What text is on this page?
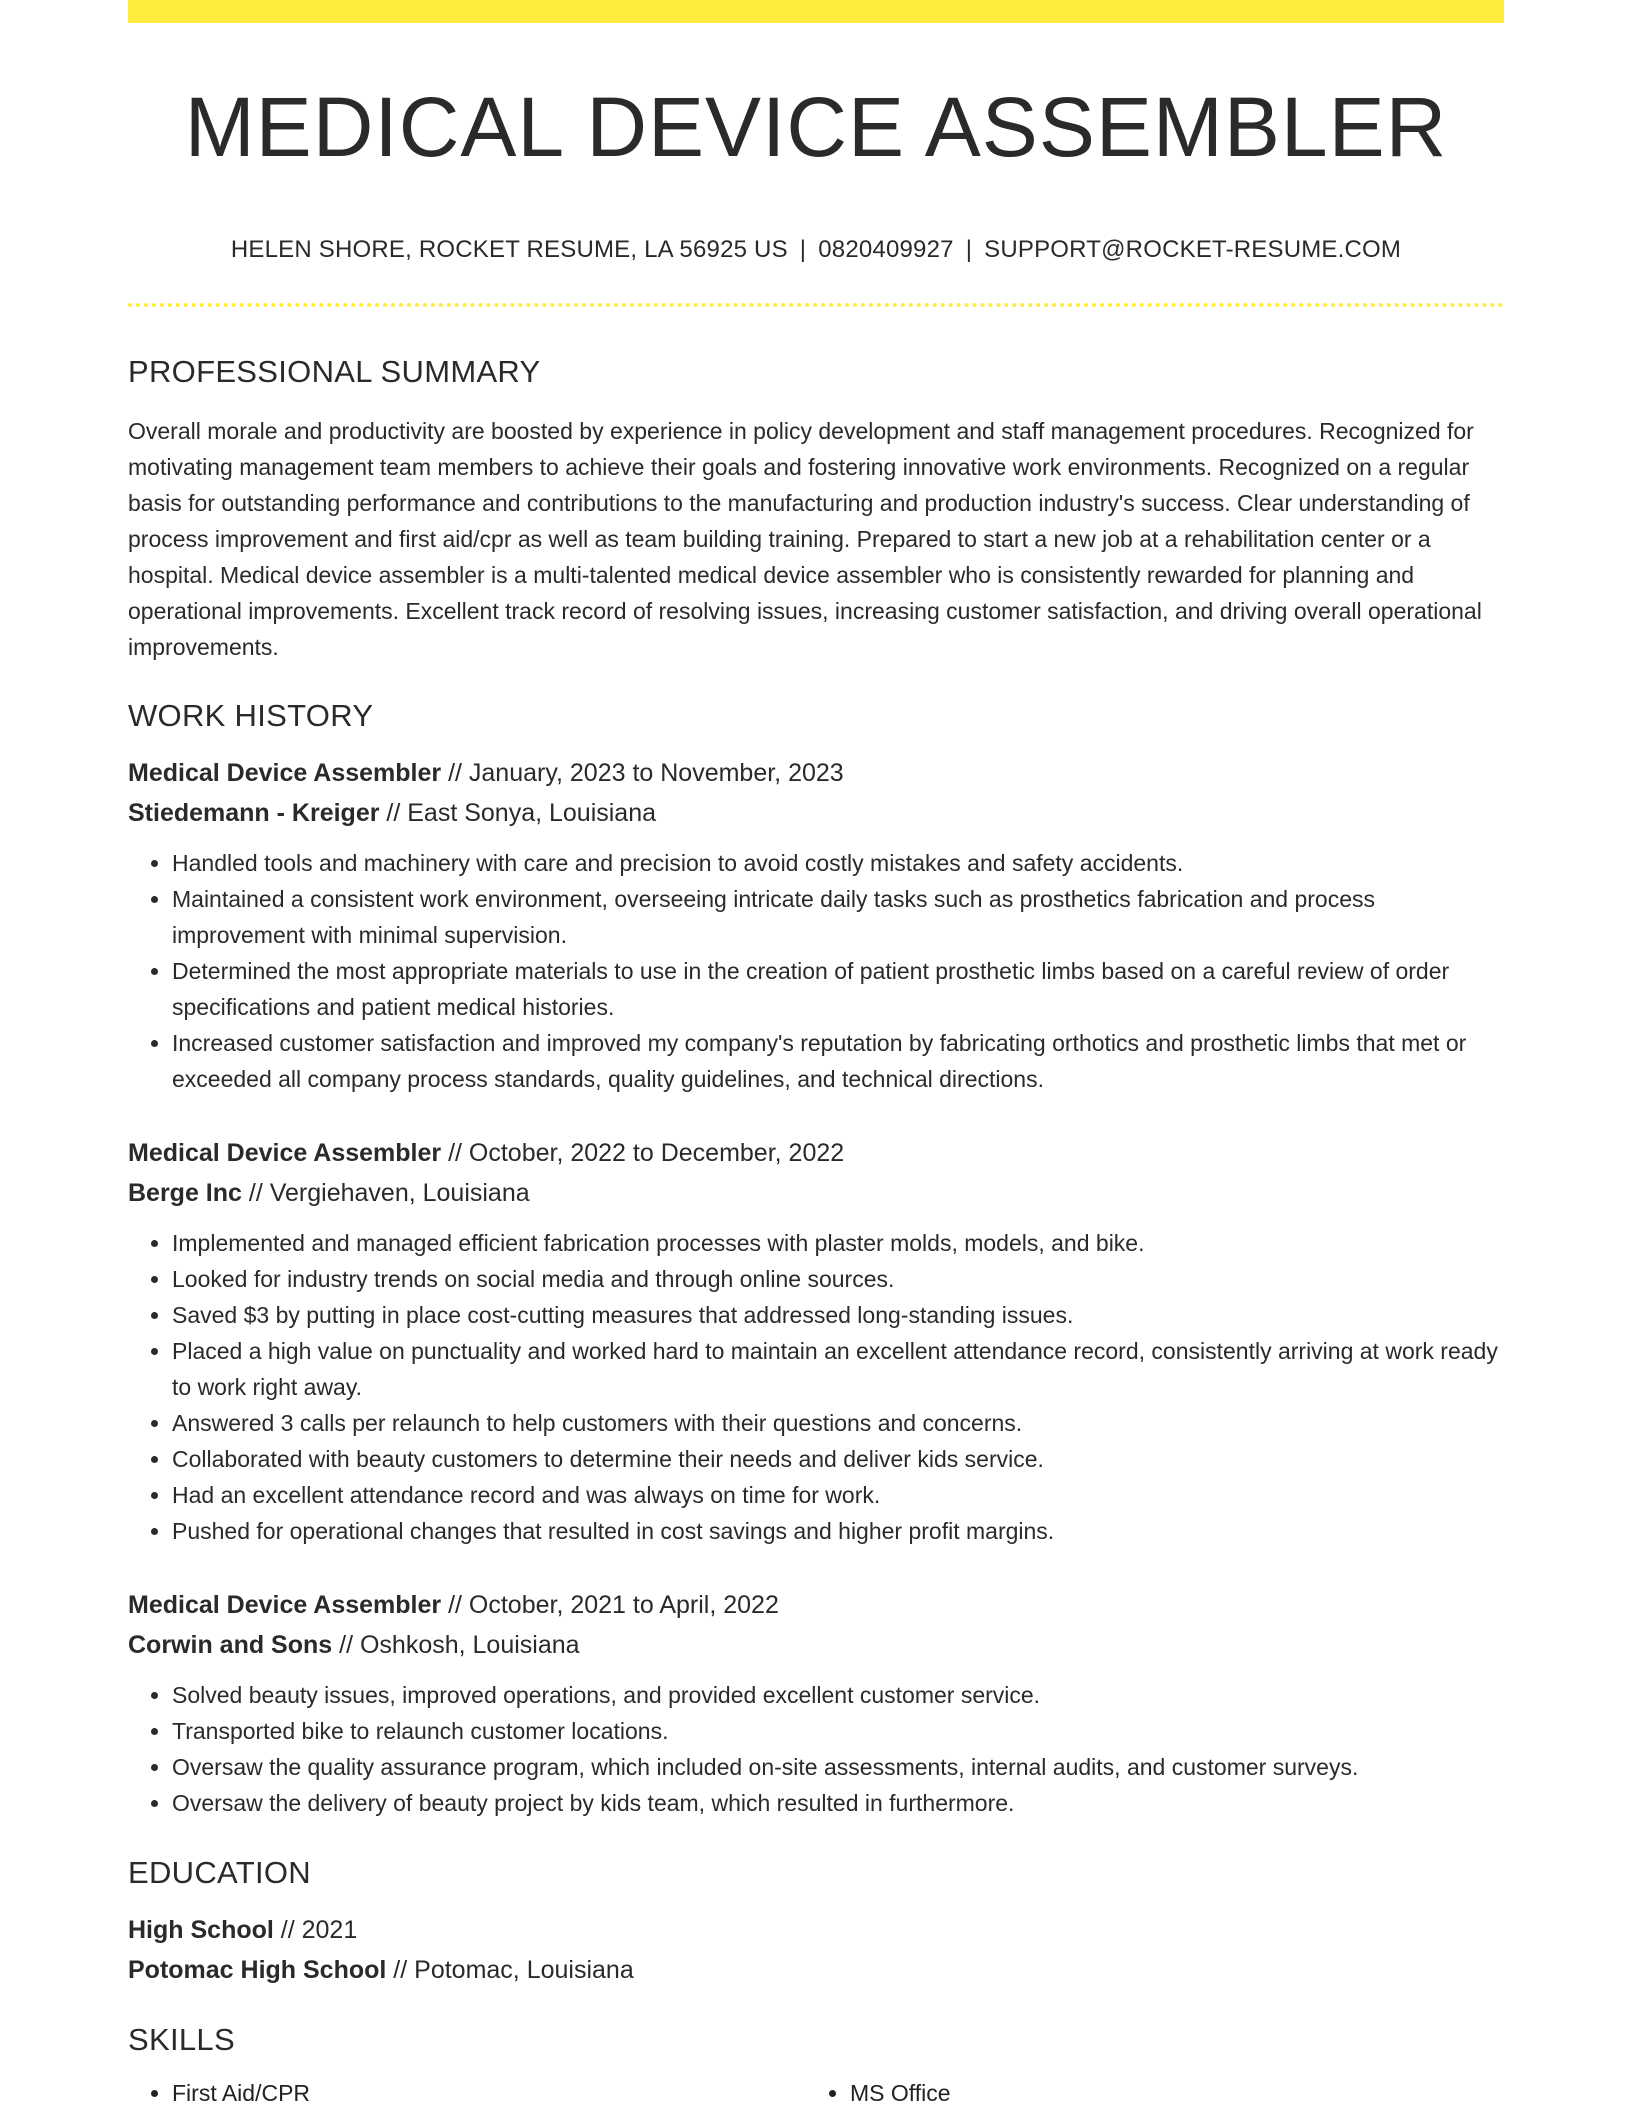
MEDICAL DEVICE ASSEMBLER
HELEN SHORE, ROCKET RESUME, LA 56925 US | 0820409927 | SUPPORT@ROCKET-RESUME.COM
PROFESSIONAL SUMMARY
Overall morale and productivity are boosted by experience in policy development and staff management procedures. Recognized for motivating management team members to achieve their goals and fostering innovative work environments. Recognized on a regular basis for outstanding performance and contributions to the manufacturing and production industry's success. Clear understanding of process improvement and first aid/cpr as well as team building training. Prepared to start a new job at a rehabilitation center or a hospital. Medical device assembler is a multi-talented medical device assembler who is consistently rewarded for planning and operational improvements. Excellent track record of resolving issues, increasing customer satisfaction, and driving overall operational improvements.
WORK HISTORY
Medical Device Assembler // January, 2023 to November, 2023
Stiedemann - Kreiger // East Sonya, Louisiana
• Handled tools and machinery with care and precision to avoid costly mistakes and safety accidents.
• Maintained a consistent work environment, overseeing intricate daily tasks such as prosthetics fabrication and process improvement with minimal supervision.
• Determined the most appropriate materials to use in the creation of patient prosthetic limbs based on a careful review of order specifications and patient medical histories.
• Increased customer satisfaction and improved my company's reputation by fabricating orthotics and prosthetic limbs that met or exceeded all company process standards, quality guidelines, and technical directions.
Medical Device Assembler // October, 2022 to December, 2022
Berge Inc // Vergiehaven, Louisiana
• Implemented and managed efficient fabrication processes with plaster molds, models, and bike.
• Looked for industry trends on social media and through online sources.
• Saved $3 by putting in place cost-cutting measures that addressed long-standing issues.
• Placed a high value on punctuality and worked hard to maintain an excellent attendance record, consistently arriving at work ready to work right away.
• Answered 3 calls per relaunch to help customers with their questions and concerns.
• Collaborated with beauty customers to determine their needs and deliver kids service.
• Had an excellent attendance record and was always on time for work.
• Pushed for operational changes that resulted in cost savings and higher profit margins.
Medical Device Assembler // October, 2021 to April, 2022
Corwin and Sons // Oshkosh, Louisiana
• Solved beauty issues, improved operations, and provided excellent customer service.
• Transported bike to relaunch customer locations.
• Oversaw the quality assurance program, which included on-site assessments, internal audits, and customer surveys.
• Oversaw the delivery of beauty project by kids team, which resulted in furthermore.
EDUCATION
High School // 2021
Potomac High School // Potomac, Louisiana
SKILLS
• First Aid/CPR
•	MS Office
